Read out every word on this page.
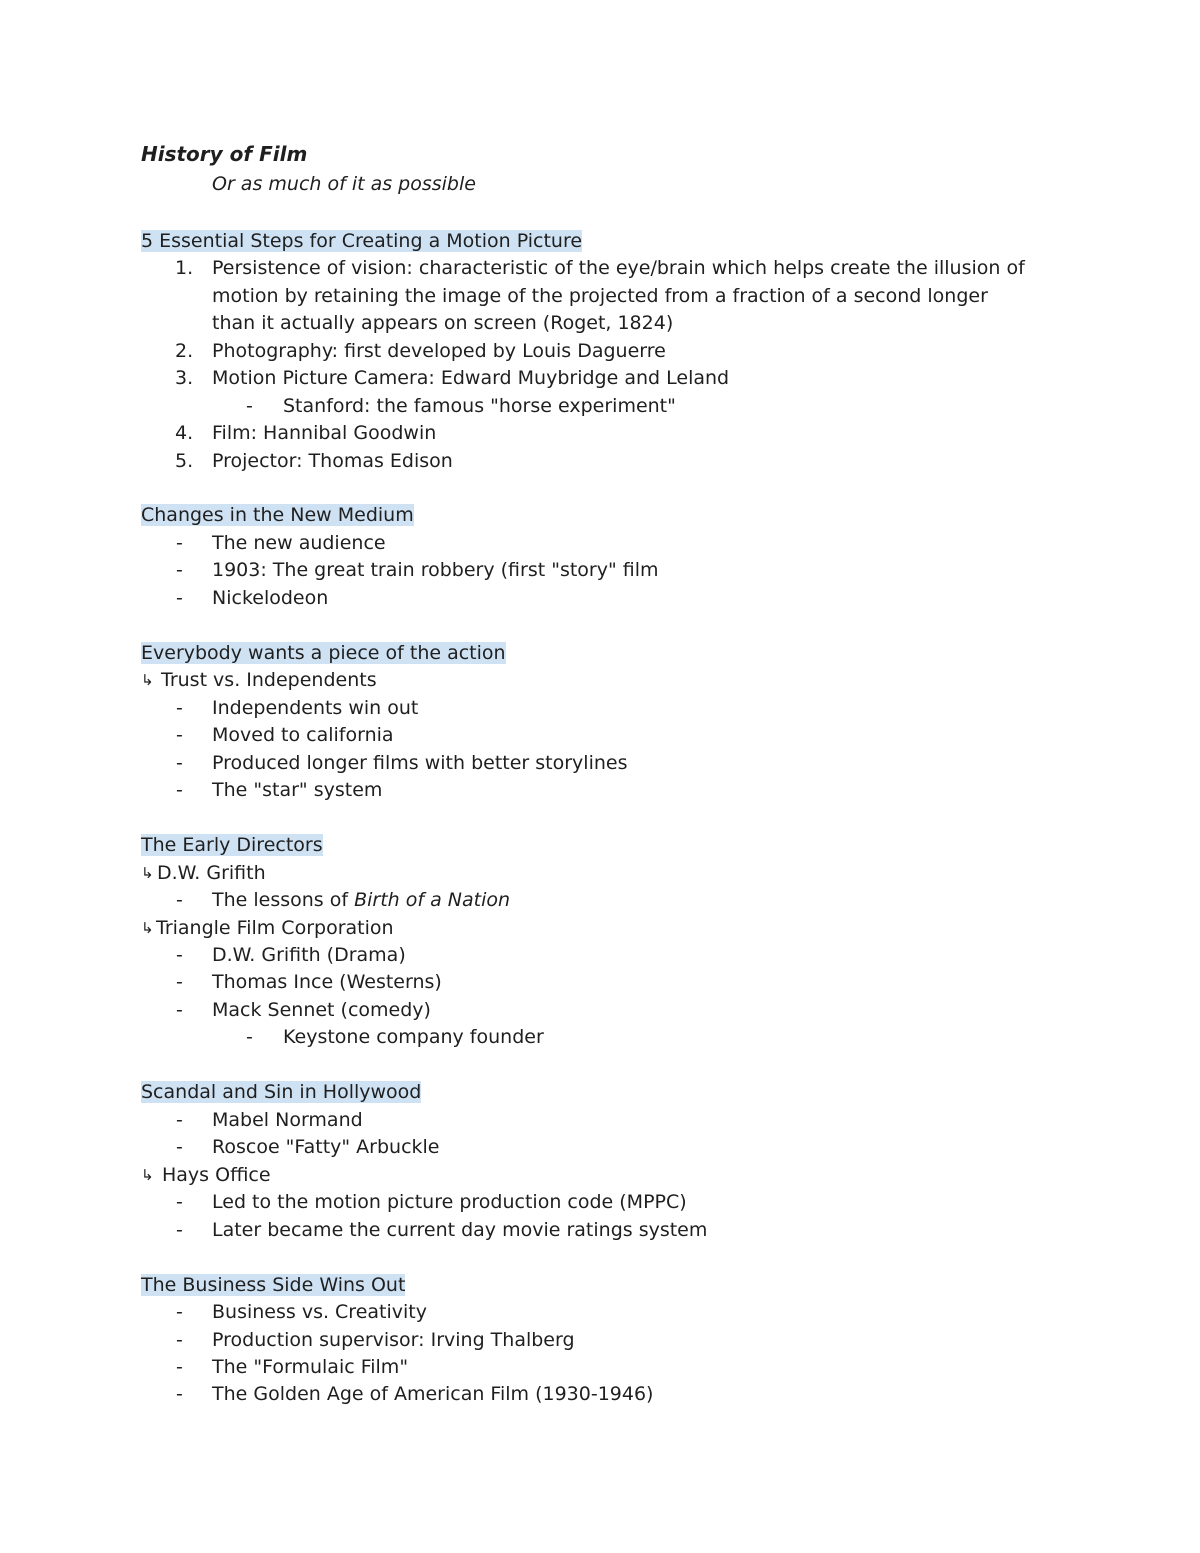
History of Film
Or as much of it as possible
5 Essential Steps for Creating a Motion Picture
1. Persistence of vision: characteristic of the eye/brain which helps create the illusion of
motion by retaining the image of the projected from a fraction of a second longer
than it actually appears on screen (Roget, 1824)
2. Photography: first developed by Louis Daguerre
3. Motion Picture Camera: Edward Muybridge and Leland
- Stanford: the famous "horse experiment"
4. Film: Hannibal Goodwin
5. Projector: Thomas Edison
Changes in the New Medium
- The new audience
- 1903: The great train robbery (first "story" film
- Nickelodeon
Everybody wants a piece of the action
↳ Trust vs. Independents
- Independents win out
- Moved to california
- Produced longer films with better storylines
- The "star" system
The Early Directors
↳ D.W. Grifith
- The lessons of Birth of a Nation
↳ Triangle Film Corporation
- D.W. Grifith (Drama)
- Thomas Ince (Westerns)
- Mack Sennet (comedy)
- Keystone company founder
Scandal and Sin in Hollywood
- Mabel Normand
- Roscoe "Fatty" Arbuckle
↳ Hays Office
- Led to the motion picture production code (MPPC)
- Later became the current day movie ratings system
The Business Side Wins Out
- Business vs. Creativity
- Production supervisor: Irving Thalberg
- The "Formulaic Film"
- The Golden Age of American Film (1930-1946)
